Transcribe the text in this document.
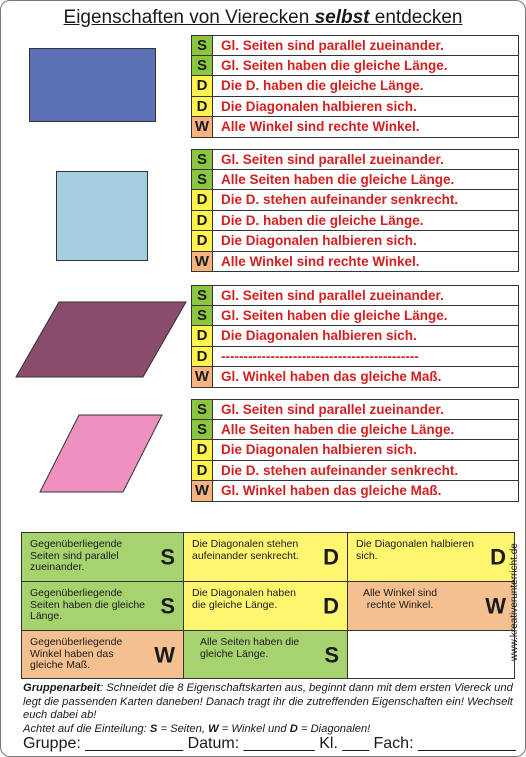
Eigenschaften von Vierecken selbst entdecken
S	Gl. Seiten sind parallel zueinander.
S	Gl. Seiten haben die gleiche Länge.
D	Die D. haben die gleiche Länge.
D	Die Diagonalen halbieren sich.
W Alle Winkel sind rechte Winkel.
S	Gl. Seiten sind parallel zueinander.
S	Alle Seiten haben die gleiche Länge.
D	Die D. stehen aufeinander senkrecht.
D	Die D. haben die gleiche Länge.
D	Die Diagonalen halbieren sich.
W Alle Winkel sind rechte Winkel.
S	Gl. Seiten sind parallel zueinander.
S	Gl. Seiten haben die gleiche Länge.
D	Die Diagonalen halbieren sich.
D	--------------------------------------------
W Gl. Winkel haben das gleiche Maß.
S	Gl. Seiten sind parallel zueinander.
S	Alle Seiten haben die gleiche Länge.
D	Die Diagonalen halbieren sich.
D	Die D. stehen aufeinander senkrecht.
W Gl. Winkel haben das gleiche Maß.
Gegenüberliegende Seiten sind parallel zueinander.	S
Die Diagonalen stehen aufeinander senkrecht.	D
Die Diagonalen halbieren sich.	D
Gegenüberliegende Seiten haben die gleiche Länge.	S
Die Diagonalen haben die gleiche Länge.	D
Alle Winkel sind rechte Winkel.	W
Gegenüberliegende Winkel haben das gleiche Maß.	W Alle Seiten haben die gleiche Länge.	S
Gruppenarbeit: Schneidet die 8 Eigenschaftskarten aus, beginnt dann mit dem ersten Viereck und legt die passenden Karten daneben! Danach tragt ihr die zutreffenden Eigenschaften ein! Wechselt euch dabei ab!
Achtet auf die Einteilung: S = Seiten, W = Winkel und D = Diagonalen!
Gruppe: ___________ Datum: ________ Kl. ___ Fach: ___________
www.kreativerunterricht.de
